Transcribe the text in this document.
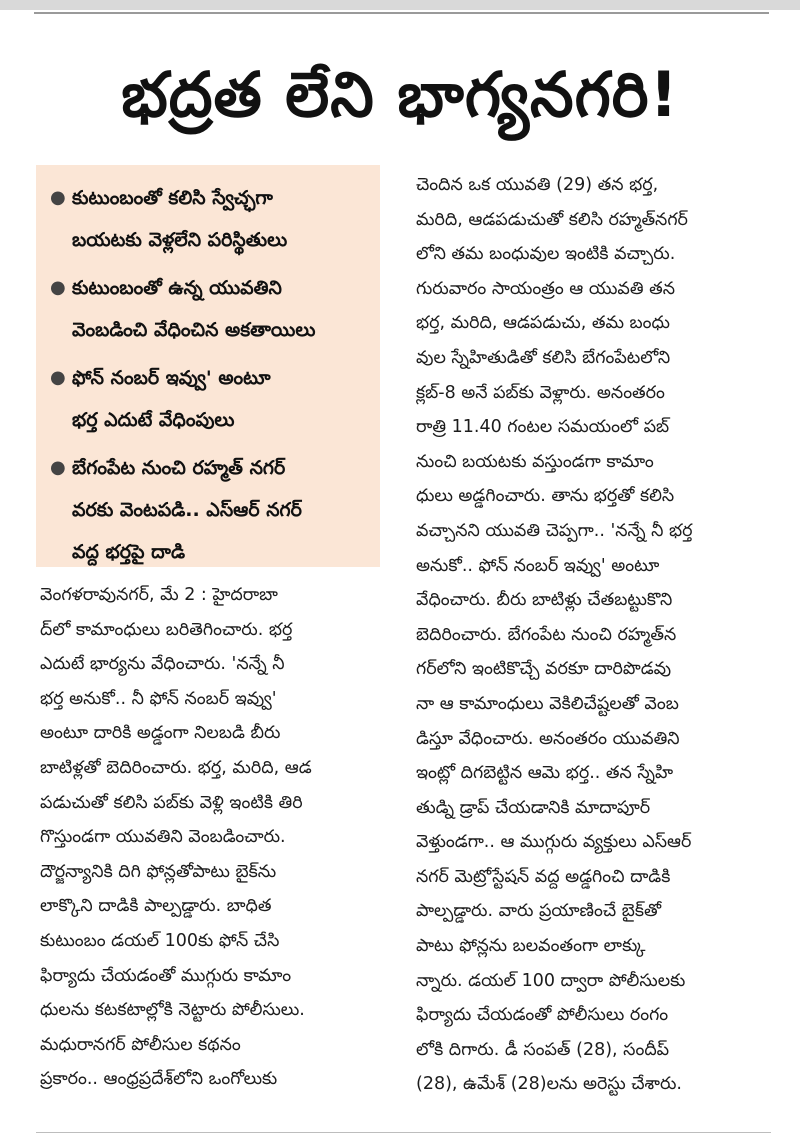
భద్రత లేని భాగ్యనగరి!
● కుటుంబంతో కలిసి స్వేచ్ఛగా
బయటకు వెళ్లలేని పరిస్థితులు
● కుటుంబంతో ఉన్న యువతిని
వెంబడించి వేధించిన అకతాయిలు
● ఫోన్ నంబర్ ఇవ్వు' అంటూ
భర్త ఎదుటే వేధింపులు
● బేగంపేట నుంచి రహ్మత్ నగర్
వరకు వెంటపడి.. ఎస్ఆర్ నగర్
వద్ద భర్తపై దాడి
వెంగళరావునగర్, మే 2 : హైదరాబా
ద్‌లో కామాంధులు బరితెగించారు. భర్త
ఎదుటే భార్యను వేధించారు. 'నన్నే నీ
భర్త అనుకో.. నీ ఫోన్ నంబర్ ఇవ్వు'
అంటూ దారికి అడ్డంగా నిలబడి బీరు
బాటిళ్లతో బెదిరించారు. భర్త, మరిది, ఆడ
పడుచుతో కలిసి పబ్‌కు వెళ్లి ఇంటికి తిరి
గొస్తుండగా యువతిని వెంబడించారు.
దౌర్జన్యానికి దిగి ఫోన్లతోపాటు బైక్‌ను
లాక్కొని దాడికి పాల్పడ్డారు. బాధిత
కుటుంబం డయల్ 100కు ఫోన్ చేసి
ఫిర్యాదు చేయడంతో ముగ్గురు కామాం
ధులను కటకటాల్లోకి నెట్టారు పోలీసులు.
మధురానగర్ పోలీసుల కథనం
ప్రకారం.. ఆంధ్రప్రదేశ్‌లోని ఒంగోలుకు
చెందిన ఒక యువతి (29) తన భర్త,
మరిది, ఆడపడుచుతో కలిసి రహ్మత్‌నగర్
లోని తమ బంధువుల ఇంటికి వచ్చారు.
గురువారం సాయంత్రం ఆ యువతి తన
భర్త, మరిది, ఆడపడుచు, తమ బంధు
వుల స్నేహితుడితో కలిసి బేగంపేటలోని
క్లబ్-8 అనే పబ్‌కు వెళ్లారు. అనంతరం
రాత్రి 11.40 గంటల సమయంలో పబ్
నుంచి బయటకు వస్తుండగా కామాం
ధులు అడ్డగించారు. తాను భర్తతో కలిసి
వచ్చానని యువతి చెప్పగా.. 'నన్నే నీ భర్త
అనుకో.. ఫోన్ నంబర్ ఇవ్వు' అంటూ
వేధించారు. బీరు బాటిళ్లు చేతబట్టుకొని
బెదిరించారు. బేగంపేట నుంచి రహ్మత్‌న
గర్‌లోని ఇంటికొచ్చే వరకూ దారిపొడవు
నా ఆ కామాంధులు వెకిలిచేష్టలతో వెంబ
డిస్తూ వేధించారు. అనంతరం యువతిని
ఇంట్లో దిగబెట్టిన ఆమె భర్త.. తన స్నేహి
తుడ్ని డ్రాప్ చేయడానికి మాదాపూర్
వెళ్తుండగా.. ఆ ముగ్గురు వ్యక్తులు ఎస్ఆర్
నగర్ మెట్రోస్టేషన్ వద్ద అడ్డగించి దాడికి
పాల్పడ్డారు. వారు ప్రయాణించే బైక్‌తో
పాటు ఫోన్లను బలవంతంగా లాక్కు
న్నారు. డయల్ 100 ద్వారా పోలీసులకు
ఫిర్యాదు చేయడంతో పోలీసులు రంగం
లోకి దిగారు. డీ సంపత్ (28), సందీప్
(28), ఉమేశ్ (28)లను అరెస్టు చేశారు.
